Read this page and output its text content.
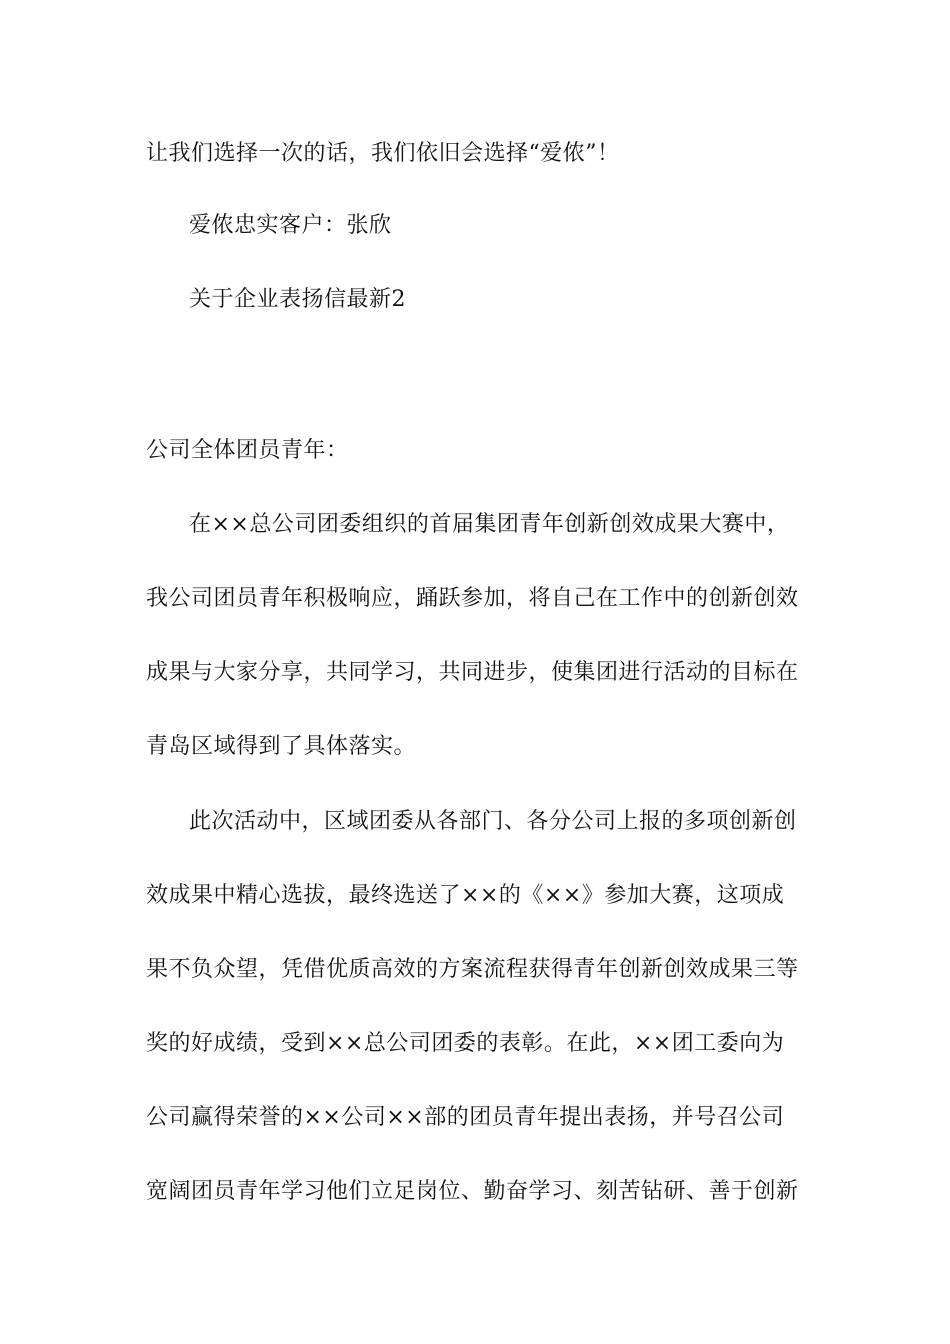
让我们选择一次的话，我们依旧会选择“爱侬”！

爱侬忠实客户：张欣

关于企业表扬信最新2

公司全体团员青年：

在××总公司团委组织的首届集团青年创新创效成果大赛中，

我公司团员青年积极响应，踊跃参加，将自己在工作中的创新创效

成果与大家分享，共同学习，共同进步，使集团进行活动的目标在

青岛区域得到了具体落实。

此次活动中，区域团委从各部门、各分公司上报的多项创新创

效成果中精心选拔，最终选送了××的《××》参加大赛，这项成

果不负众望，凭借优质高效的方案流程获得青年创新创效成果三等

奖的好成绩，受到××总公司团委的表彰。在此，××团工委向为

公司赢得荣誉的××公司××部的团员青年提出表扬，并号召公司

宽阔团员青年学习他们立足岗位、勤奋学习、刻苦钻研、善于创新
